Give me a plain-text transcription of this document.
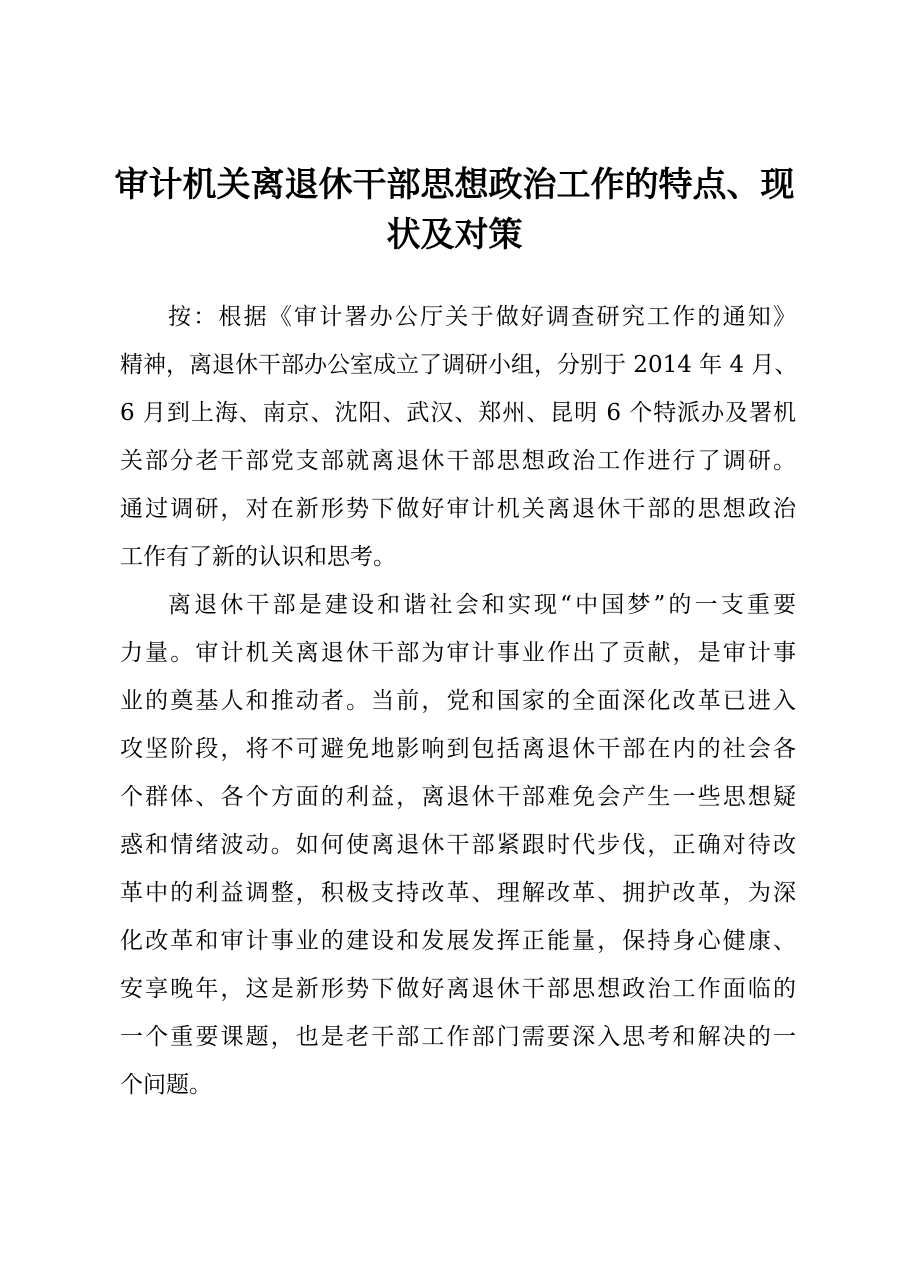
审计机关离退休干部思想政治工作的特点、现
状及对策

按：根据《审计署办公厅关于做好调查研究工作的通知》

精神，离退休干部办公室成立了调研小组，分别于 2014 年 4 月、

6 月到上海、南京、沈阳、武汉、郑州、昆明 6 个特派办及署机

关部分老干部党支部就离退休干部思想政治工作进行了调研。

通过调研，对在新形势下做好审计机关离退休干部的思想政治

工作有了新的认识和思考。

离退休干部是建设和谐社会和实现“中国梦”的一支重要

力量。审计机关离退休干部为审计事业作出了贡献，是审计事

业的奠基人和推动者。当前，党和国家的全面深化改革已进入

攻坚阶段，将不可避免地影响到包括离退休干部在内的社会各

个群体、各个方面的利益，离退休干部难免会产生一些思想疑

惑和情绪波动。如何使离退休干部紧跟时代步伐，正确对待改

革中的利益调整，积极支持改革、理解改革、拥护改革，为深

化改革和审计事业的建设和发展发挥正能量，保持身心健康、

安享晚年，这是新形势下做好离退休干部思想政治工作面临的

一个重要课题，也是老干部工作部门需要深入思考和解决的一

个问题。
